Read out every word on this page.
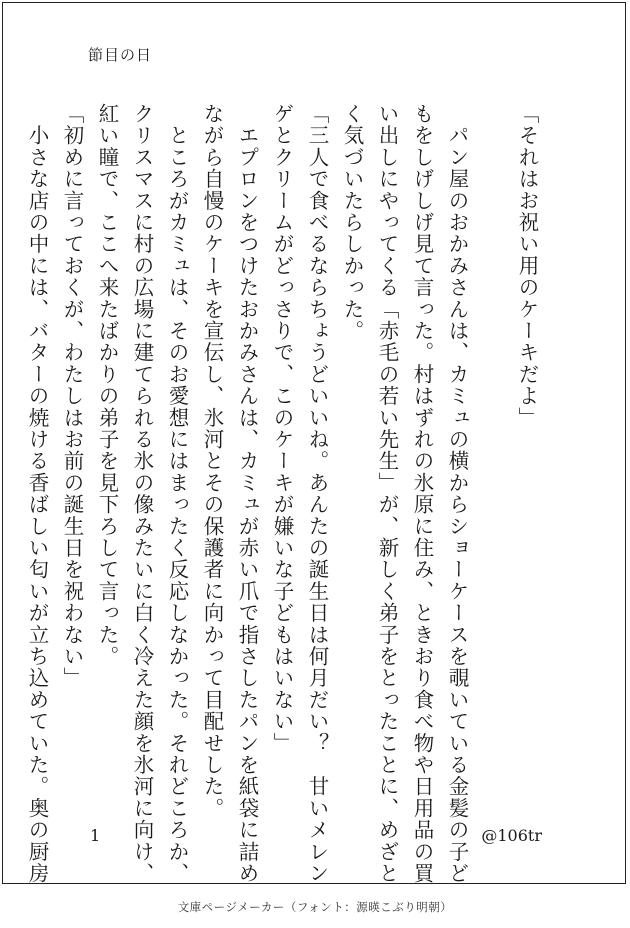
節目の日
「それはお祝い用のケーキだよ」
　パン屋のおかみさんは、カミュの横からショーケースを覗いている金髪の子ど
もをしげしげ見て言った。村はずれの氷原に住み、ときおり食べ物や日用品の買
い出しにやってくる「赤毛の若い先生」が、新しく弟子をとったことに、めざと
く気づいたらしかった。
「三人で食べるならちょうどいいね。あんたの誕生日は何月だい？　甘いメレン
ゲとクリームがどっさりで、このケーキが嫌いな子どもはいない」
　エプロンをつけたおかみさんは、カミュが赤い爪で指さしたパンを紙袋に詰め
ながら自慢のケーキを宣伝し、氷河とその保護者に向かって目配せした。
　ところがカミュは、そのお愛想にはまったく反応しなかった。それどころか、
クリスマスに村の広場に建てられる氷の像みたいに白く冷えた顔を氷河に向け、
紅い瞳で、ここへ来たばかりの弟子を見下ろして言った。
「初めに言っておくが、わたしはお前の誕生日を祝わない」
　小さな店の中には、バターの焼ける香ばしい匂いが立ち込めていた。奥の厨房	1	@106tr
文庫ページメーカー（フォント：源暎こぶり明朝）
